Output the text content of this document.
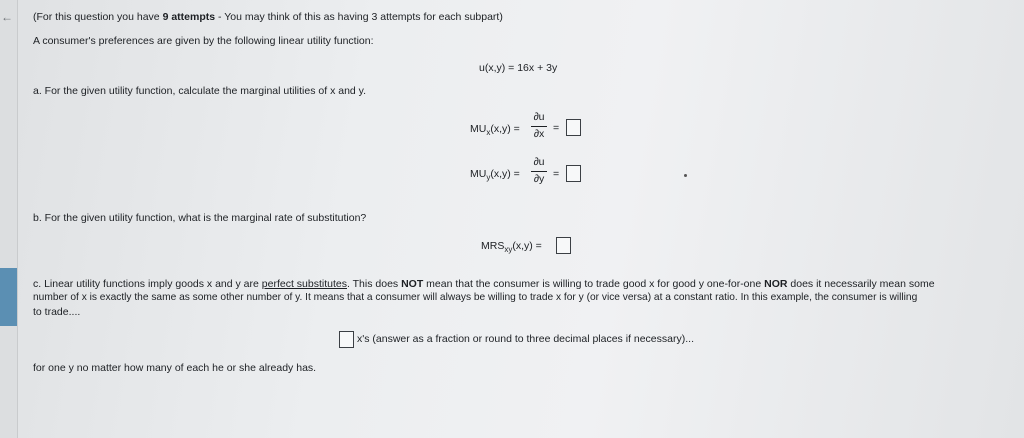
← (For this question you have 9 attempts - You may think of this as having 3 attempts for each subpart)
A consumer's preferences are given by the following linear utility function:
u(x,y) = 16x + 3y
a. For the given utility function, calculate the marginal utilities of x and y.
$MU_x(x,y)$ =
∂u
∂x =
$MU_y(x,y)$ =
∂u
∂y =
b. For the given utility function, what is the marginal rate of substitution?
$MRS_{xy}(x,y)$ =
c. Linear utility functions imply goods x and y are perfect substitutes. This does NOT mean that the consumer is willing to trade good x for good y one-for-one NOR does it necessarily mean some
number of x is exactly the same as some other number of y. It means that a consumer will always be willing to trade x for y (or vice versa) at a constant ratio. In this example, the consumer is willing
to trade....
x's (answer as a fraction or round to three decimal places if necessary)...
for one y no matter how many of each he or she already has.
